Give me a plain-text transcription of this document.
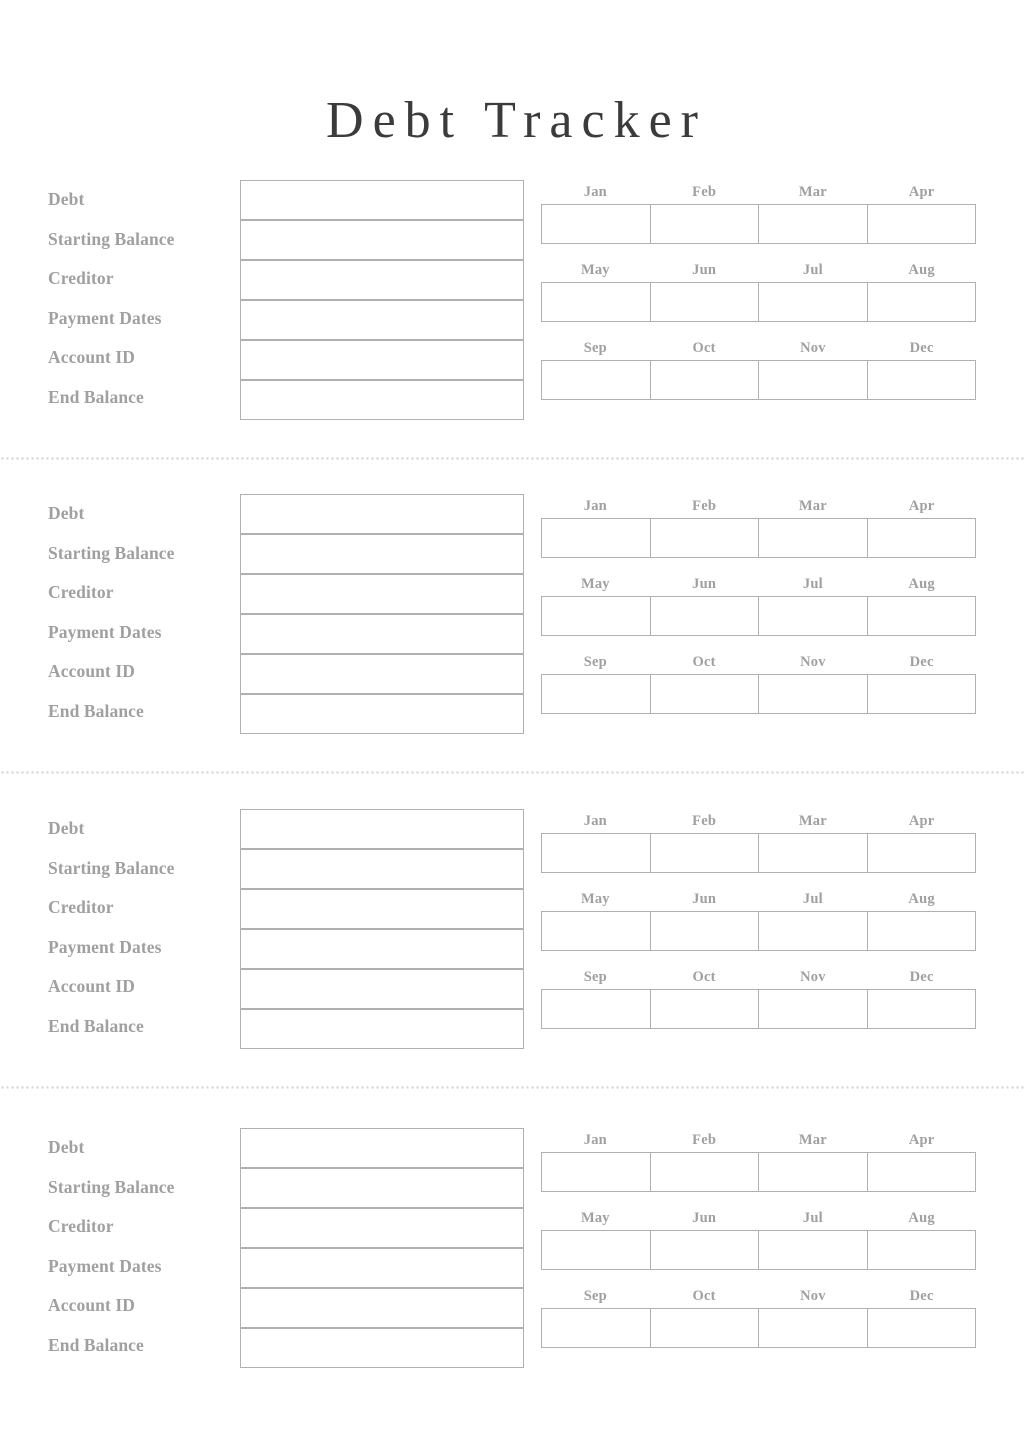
Debt Tracker
Debt
Starting Balance
Creditor
Payment Dates
Account ID
End Balance
Jan	Feb	Mar	Apr
May	Jun	Jul	Aug
Sep	Oct	Nov	Dec
Debt
Starting Balance
Creditor
Payment Dates
Account ID
End Balance
Jan	Feb	Mar	Apr
May	Jun	Jul	Aug
Sep	Oct	Nov	Dec
Debt
Starting Balance
Creditor
Payment Dates
Account ID
End Balance
Jan	Feb	Mar	Apr
May	Jun	Jul	Aug
Sep	Oct	Nov	Dec
Debt
Starting Balance
Creditor
Payment Dates
Account ID
End Balance
Jan	Feb	Mar	Apr
May	Jun	Jul	Aug
Sep	Oct	Nov	Dec
